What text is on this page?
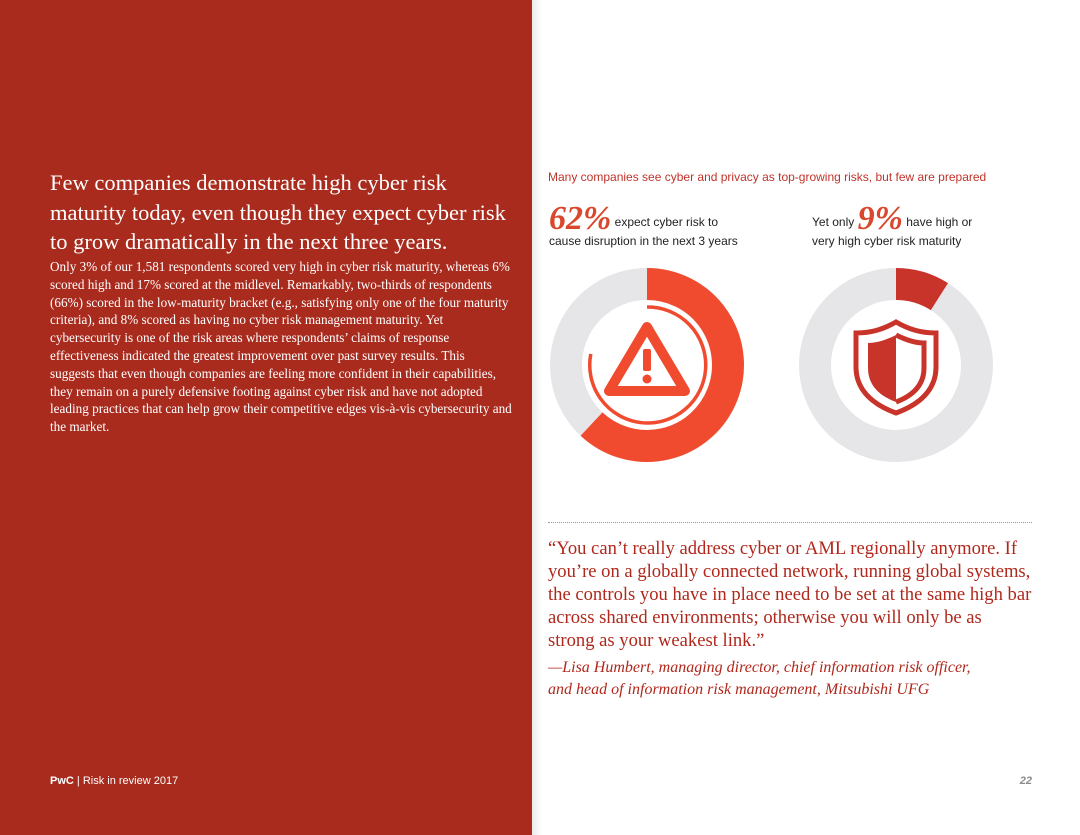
Few companies demonstrate high cyber risk maturity today, even though they expect cyber risk to grow dramatically in the next three years.

Only 3% of our 1,581 respondents scored very high in cyber risk maturity, whereas 6% scored high and 17% scored at the midlevel. Remarkably, two-thirds of respondents (66%) scored in the low-maturity bracket (e.g., satisfying only one of the four maturity criteria), and 8% scored as having no cyber risk management maturity. Yet cybersecurity is one of the risk areas where respondents’ claims of response effectiveness indicated the greatest improvement over past survey results. This suggests that even though companies are feeling more confident in their capabilities, they remain on a purely defensive footing against cyber risk and have not adopted leading practices that can help grow their competitive edges vis-à-vis cybersecurity and the market.

PwC | Risk in review 2017
Many companies see cyber and privacy as top-growing risks, but few are prepared
62% expect cyber risk to
cause disruption in the next 3 years
Yet only 9% have high or
very high cyber risk maturity

“You can’t really address cyber or AML regionally anymore. If you’re on a globally connected network, running global systems, the controls you have in place need to be set at the same high bar across shared environments; otherwise you will only be as strong as your weakest link.”

—Lisa Humbert, managing director, chief information risk officer, and head of information risk management, Mitsubishi UFG

22
